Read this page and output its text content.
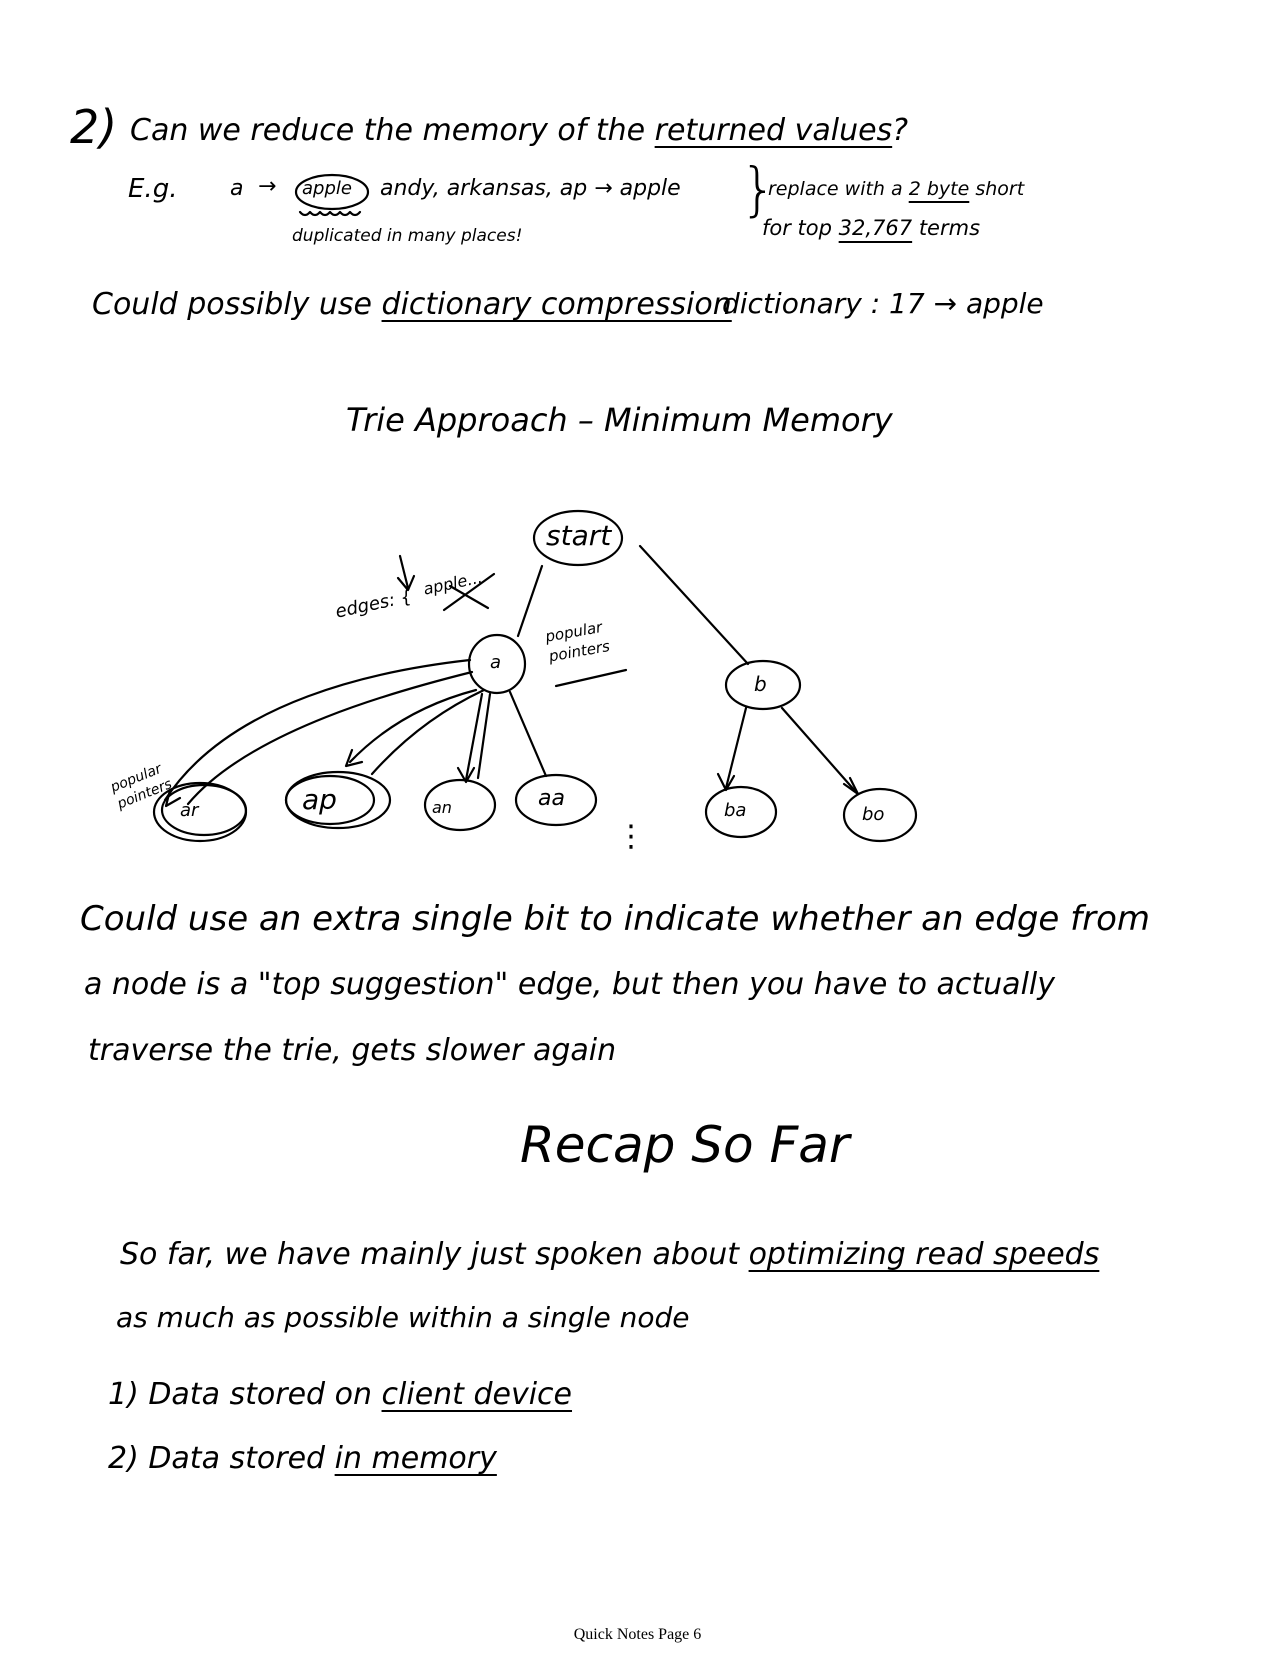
2) Can we reduce the memory of the returned values?
E.g. a → apple andy, arkansas, ap → apple }
replace with a 2 byte short
for top 32,767 terms
duplicated in many places!
Could possibly use dictionary compression
dictionary : 17 → apple
Trie Approach – Minimum Memory
start
a
b
ar	ap	an	aa	ba	bo
edges: {
apple...
popular pointers
popular pointers
⋮
Could use an extra single bit to indicate whether an edge from
a node is a "top suggestion" edge, but then you have to actually
traverse the trie, gets slower again
Recap So Far
So far, we have mainly just spoken about optimizing read speeds
as much as possible within a single node
1) Data stored on client device
2) Data stored in memory
Quick Notes Page 6
